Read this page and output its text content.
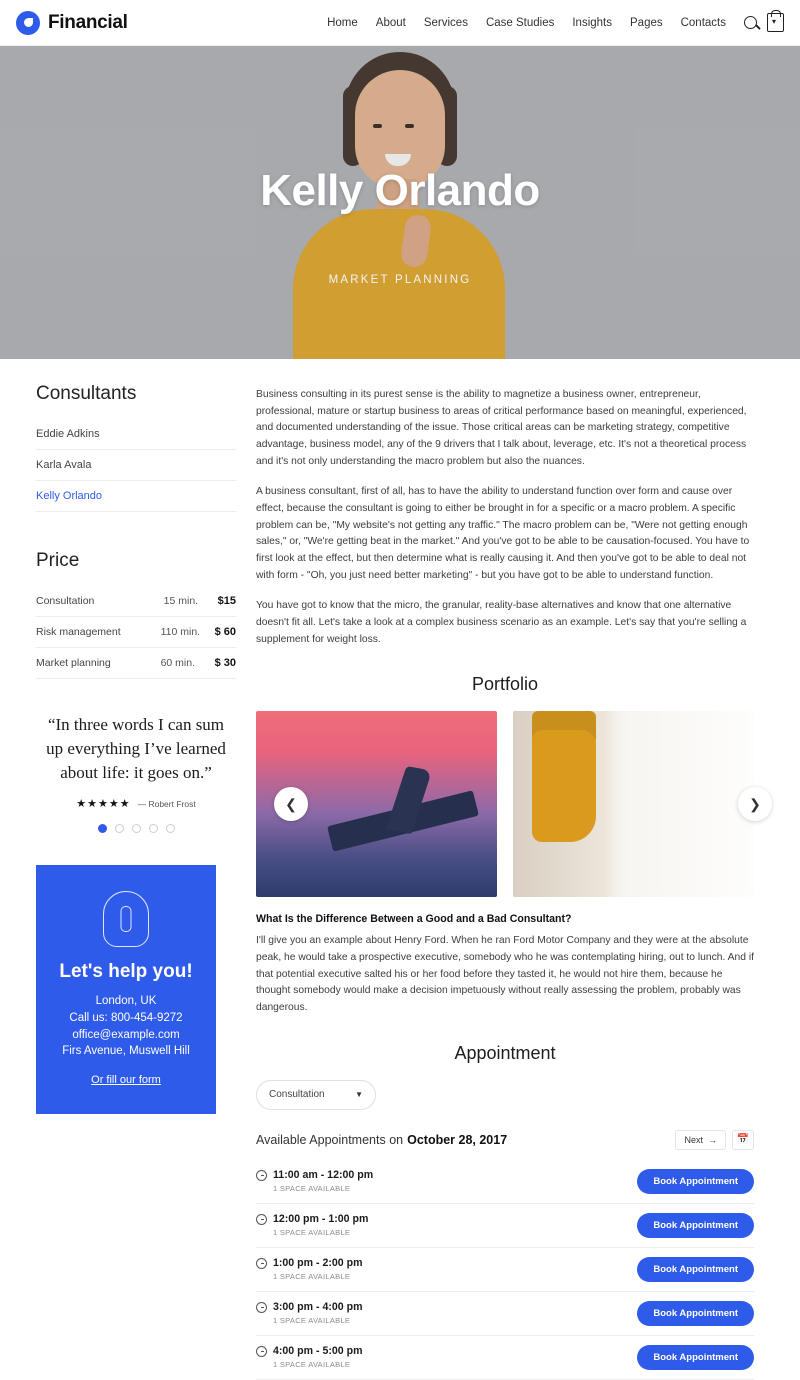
Financial	Home About Services Case Studies Insights Pages Contacts
▾
Kelly Orlando
MARKET PLANNING
Consultants
Eddie Adkins
Karla Avala
Kelly Orlando
Price
Consultation	15 min.	$15
Risk management	110 min.	$ 60
Market planning	60 min.	$ 30
“In three words I can sum up everything I’ve learned about life: it goes on.”
★★★★★ — Robert Frost
Let's help you!
London, UK
Call us: 800-454-9272
office@example.com
Firs Avenue, Muswell Hill
Or fill our form

Business consulting in its purest sense is the ability to magnetize a business owner, entrepreneur, professional, mature or startup business to areas of critical performance based on meaningful, experienced, and documented understanding of the issue. Those critical areas can be marketing strategy, competitive advantage, business model, any of the 9 drivers that I talk about, leverage, etc. It's not a theoretical process and it's not only understanding the macro problem but also the nuances.

A business consultant, first of all, has to have the ability to understand function over form and cause over effect, because the consultant is going to either be brought in for a specific or a macro problem. A specific problem can be, "My website's not getting any traffic." The macro problem can be, "Were not getting enough sales," or, "We're getting beat in the market." And you've got to be able to be causation-focused. You have to first look at the effect, but then determine what is really causing it. And then you've got to be able to deal not with form - "Oh, you just need better marketing" - but you have got to be able to understand function.

You have got to know that the micro, the granular, reality-base alternatives and know that one alternative doesn't fit all. Let's take a look at a complex business scenario as an example. Let's say that you're selling a supplement for weight loss.

Portfolio
❮	❯
What Is the Difference Between a Good and a Bad Consultant?

I'll give you an example about Henry Ford. When he ran Ford Motor Company and they were at the absolute peak, he would take a prospective executive, somebody who he was contemplating hiring, out to lunch. And if that potential executive salted his or her food before they tasted it, he would not hire them, because he thought somebody would make a decision impetuously without really assessing the problem, probably was dangerous.

Appointment
Consultation	▼
Available Appointments on October 28, 2017	Next →	📅
11:00 am - 12:00 pm
1 SPACE AVAILABLE
Book Appointment
12:00 pm - 1:00 pm
1 SPACE AVAILABLE
Book Appointment
1:00 pm - 2:00 pm
1 SPACE AVAILABLE
Book Appointment
3:00 pm - 4:00 pm
1 SPACE AVAILABLE
Book Appointment
4:00 pm - 5:00 pm
1 SPACE AVAILABLE
Book Appointment
